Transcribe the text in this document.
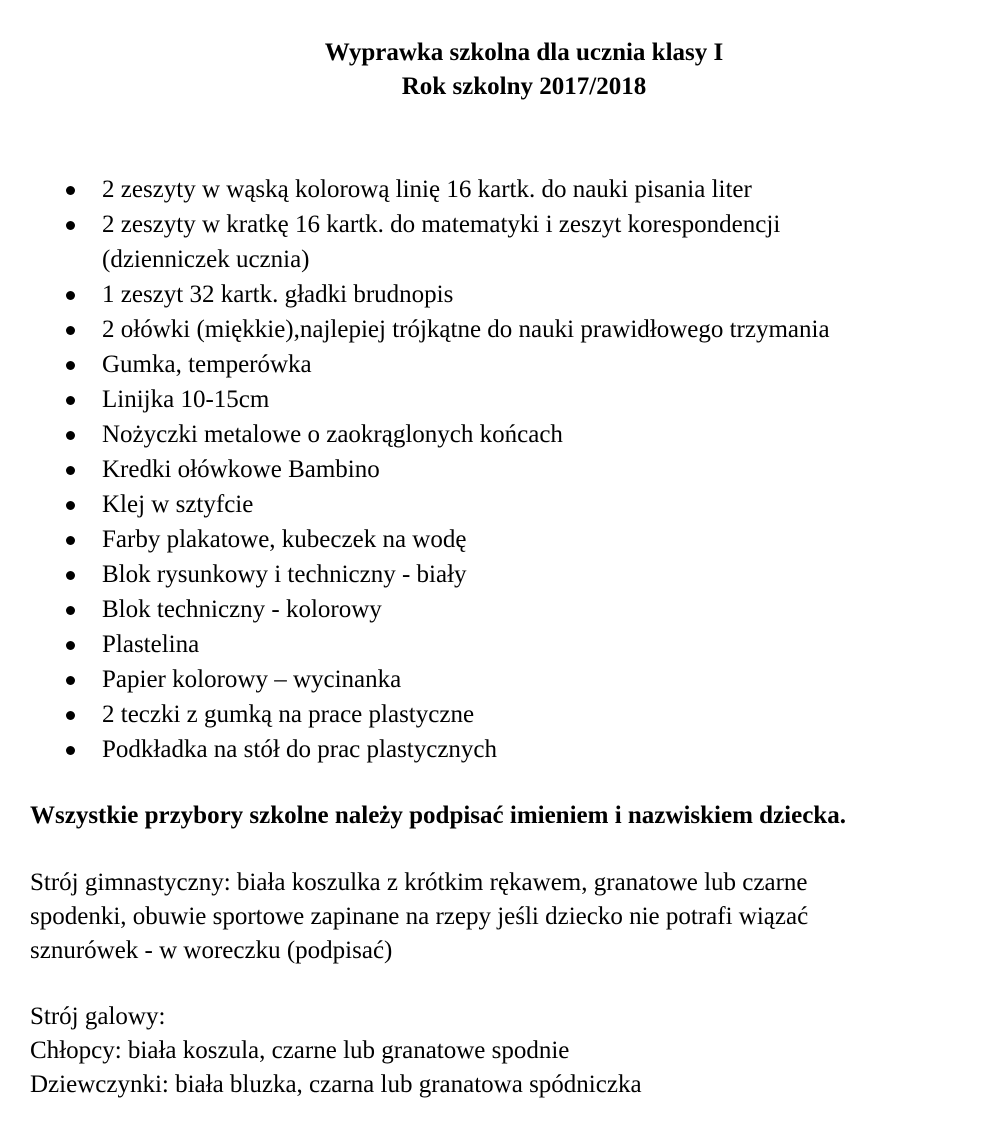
Wyprawka szkolna dla ucznia klasy I
Rok szkolny 2017/2018
2 zeszyty w wąską kolorową linię 16 kartk. do nauki pisania liter
2 zeszyty w kratkę 16 kartk. do matematyki i zeszyt korespondencji
(dzienniczek ucznia)
1 zeszyt 32 kartk. gładki brudnopis
2 ołówki (miękkie),najlepiej trójkątne do nauki prawidłowego trzymania
Gumka, temperówka
Linijka 10-15cm
Nożyczki metalowe o zaokrąglonych końcach
Kredki ołówkowe Bambino
Klej w sztyfcie
Farby plakatowe, kubeczek na wodę
Blok rysunkowy i techniczny - biały
Blok techniczny - kolorowy
Plastelina
Papier kolorowy – wycinanka
2 teczki z gumką na prace plastyczne
Podkładka na stół do prac plastycznych

Wszystkie przybory szkolne należy podpisać imieniem i nazwiskiem dziecka.

Strój gimnastyczny: biała koszulka z krótkim rękawem, granatowe lub czarne
spodenki, obuwie sportowe zapinane na rzepy jeśli dziecko nie potrafi wiązać
sznurówek - w woreczku (podpisać)

Strój galowy:
Chłopcy: biała koszula, czarne lub granatowe spodnie
Dziewczynki: biała bluzka, czarna lub granatowa spódniczka
